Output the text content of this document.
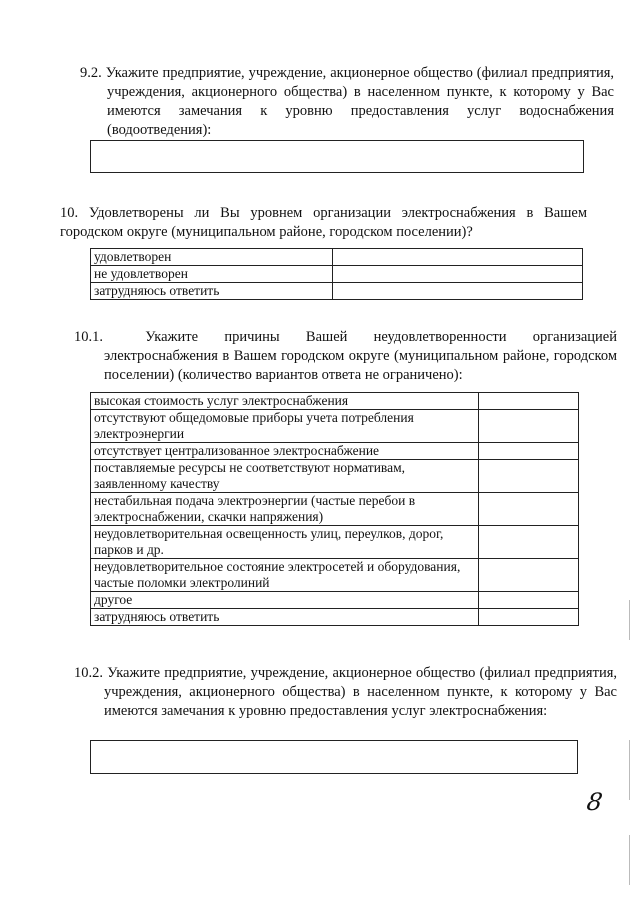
9.2. Укажите предприятие, учреждение, акционерное общество (филиал предприятия, учреждения, акционерного общества) в населенном пункте, к которому у Вас имеются замечания к уровню предоставления услуг водоснабжения (водоотведения):
10. Удовлетворены ли Вы уровнем организации электроснабжения в Вашем городском округе (муниципальном районе, городском поселении)?
удовлетворен	
не удовлетворен	
затрудняюсь ответить	
10.1.	Укажите причины Вашей неудовлетворенности организацией электроснабжения в Вашем городском округе (муниципальном районе, городском поселении) (количество вариантов ответа не ограничено):
высокая стоимость услуг электроснабжения	
отсутствуют общедомовые приборы учета потребления электроэнергии	
отсутствует централизованное электроснабжение	
поставляемые ресурсы не соответствуют нормативам, заявленному качеству	
нестабильная подача электроэнергии (частые перебои в электроснабжении, скачки напряжения)	
неудовлетворительная освещенность улиц, переулков, дорог, парков и др.	
неудовлетворительное состояние электросетей и оборудования, частые поломки электролиний	
другое	
затрудняюсь ответить	
10.2. Укажите предприятие, учреждение, акционерное общество (филиал предприятия, учреждения, акционерного общества) в населенном пункте, к которому у Вас имеются замечания к уровню предоставления услуг электроснабжения:
8
